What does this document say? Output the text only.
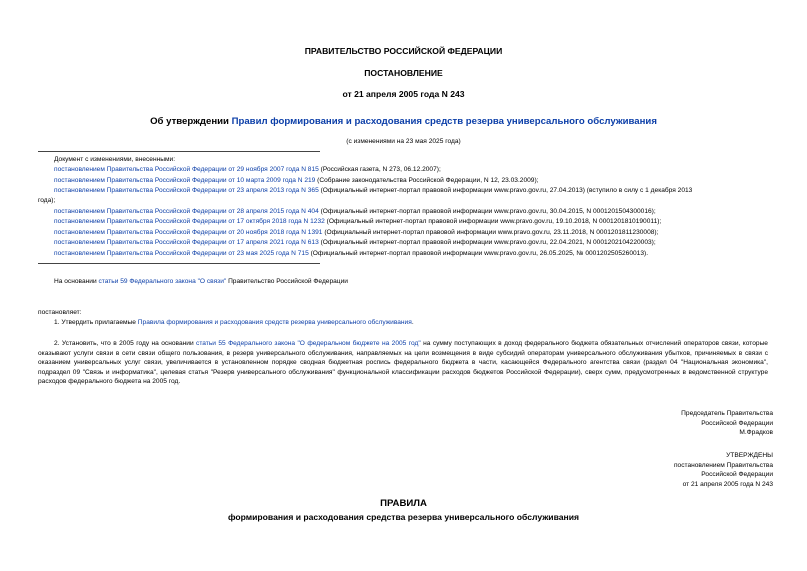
ПРАВИТЕЛЬСТВО РОССИЙСКОЙ ФЕДЕРАЦИИ
ПОСТАНОВЛЕНИЕ
от 21 апреля 2005 года N 243
Об утверждении Правил формирования и расходования средств резерва универсального обслуживания
(с изменениями на 23 мая 2025 года)
Документ с изменениями, внесенными:
постановлением Правительства Российской Федерации от 29 ноября 2007 года N 815 (Российская газета, N 273, 06.12.2007);
постановлением Правительства Российской Федерации от 10 марта 2009 года N 219 (Собрание законодательства Российской Федерации, N 12, 23.03.2009);
постановлением Правительства Российской Федерации от 23 апреля 2013 года N 365 (Официальный интернет-портал правовой информации www.pravo.gov.ru, 27.04.2013) (вступило в силу с 1 декабря 2013
года);
постановлением Правительства Российской Федерации от 28 апреля 2015 года N 404 (Официальный интернет-портал правовой информации www.pravo.gov.ru, 30.04.2015, N 0001201504300016);
постановлением Правительства Российской Федерации от 17 октября 2018 года N 1232 (Официальный интернет-портал правовой информации www.pravo.gov.ru, 19.10.2018, N 0001201810190011);
постановлением Правительства Российской Федерации от 20 ноября 2018 года N 1391 (Официальный интернет-портал правовой информации www.pravo.gov.ru, 23.11.2018, N 0001201811230008);
постановлением Правительства Российской Федерации от 17 апреля 2021 года N 613 (Официальный интернет-портал правовой информации www.pravo.gov.ru, 22.04.2021, N 0001202104220003);
постановлением Правительства Российской Федерации от 23 мая 2025 года N 715 (Официальный интернет-портал правовой информации www.pravo.gov.ru, 26.05.2025, № 0001202505260013).
На основании статьи 59 Федерального закона "О связи" Правительство Российской Федерации
постановляет:
1. Утвердить прилагаемые Правила формирования и расходования средств резерва универсального обслуживания.
2. Установить, что в 2005 году на основании статьи 55 Федерального закона "О федеральном бюджете на 2005 год" на сумму поступающих в доход федерального бюджета обязательных отчислений операторов связи, которые оказывают услуги связи в сети связи общего пользования, в резерв универсального обслуживания, направляемых на цели возмещения в виде субсидий операторам универсального обслуживания убытков, причиняемых в связи с оказанием универсальных услуг связи, увеличивается в установленном порядке сводная бюджетная роспись федерального бюджета в части, касающейся Федерального агентства связи (раздел 04 "Национальная экономика", подраздел 09 "Связь и информатика", целевая статья "Резерв универсального обслуживания" функциональной классификации расходов бюджетов Российской Федерации), сверх сумм, предусмотренных в ведомственной структуре расходов федерального бюджета на 2005 год.
Председатель Правительства
Российской Федерации
М.Фрадков
УТВЕРЖДЕНЫ
постановлением Правительства
Российской Федерации
от 21 апреля 2005 года N 243
ПРАВИЛА
формирования и расходования средства резерва универсального обслуживания
